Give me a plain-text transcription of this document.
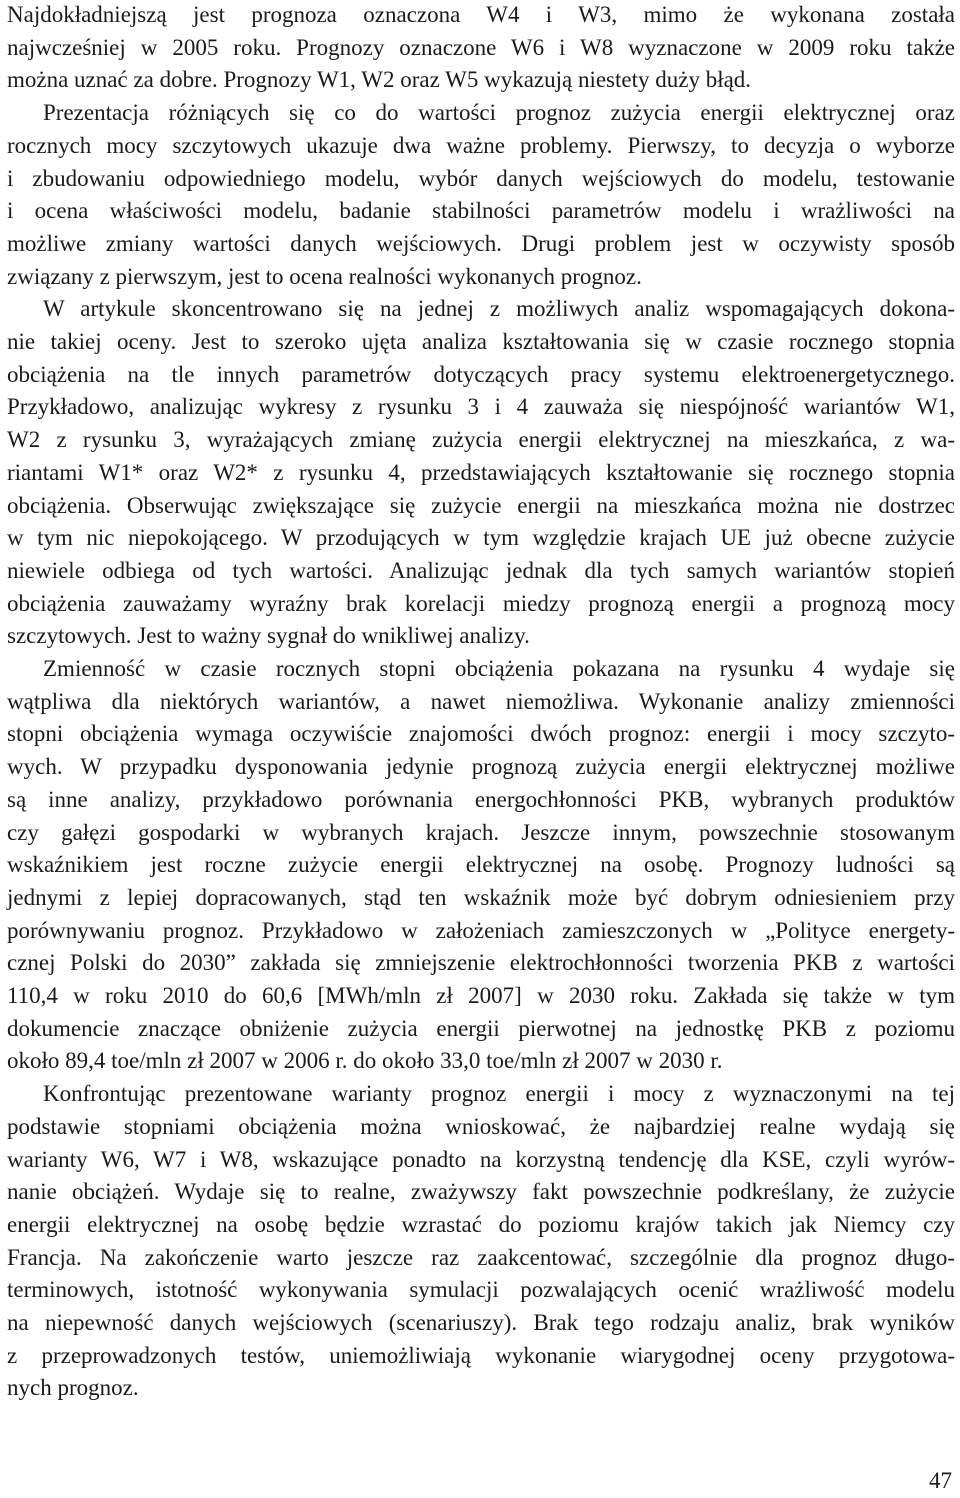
Najdokładniejszą jest prognoza oznaczona W4 i W3, mimo że wykonana została
najwcześniej w 2005 roku. Prognozy oznaczone W6 i W8 wyznaczone w 2009 roku także
można uznać za dobre. Prognozy W1, W2 oraz W5 wykazują niestety duży błąd.
Prezentacja różniących się co do wartości prognoz zużycia energii elektrycznej oraz
rocznych mocy szczytowych ukazuje dwa ważne problemy. Pierwszy, to decyzja o wyborze
i zbudowaniu odpowiedniego modelu, wybór danych wejściowych do modelu, testowanie
i ocena właściwości modelu, badanie stabilności parametrów modelu i wrażliwości na
możliwe zmiany wartości danych wejściowych. Drugi problem jest w oczywisty sposób
związany z pierwszym, jest to ocena realności wykonanych prognoz.
W artykule skoncentrowano się na jednej z możliwych analiz wspomagających dokona-
nie takiej oceny. Jest to szeroko ujęta analiza kształtowania się w czasie rocznego stopnia
obciążenia na tle innych parametrów dotyczących pracy systemu elektroenergetycznego.
Przykładowo, analizując wykresy z rysunku 3 i 4 zauważa się niespójność wariantów W1,
W2 z rysunku 3, wyrażających zmianę zużycia energii elektrycznej na mieszkańca, z wa-
riantami W1* oraz W2* z rysunku 4, przedstawiających kształtowanie się rocznego stopnia
obciążenia. Obserwując zwiększające się zużycie energii na mieszkańca można nie dostrzec
w tym nic niepokojącego. W przodujących w tym względzie krajach UE już obecne zużycie
niewiele odbiega od tych wartości. Analizując jednak dla tych samych wariantów stopień
obciążenia zauważamy wyraźny brak korelacji miedzy prognozą energii a prognozą mocy
szczytowych. Jest to ważny sygnał do wnikliwej analizy.
Zmienność w czasie rocznych stopni obciążenia pokazana na rysunku 4 wydaje się
wątpliwa dla niektórych wariantów, a nawet niemożliwa. Wykonanie analizy zmienności
stopni obciążenia wymaga oczywiście znajomości dwóch prognoz: energii i mocy szczyto-
wych. W przypadku dysponowania jedynie prognozą zużycia energii elektrycznej możliwe
są inne analizy, przykładowo porównania energochłonności PKB, wybranych produktów
czy gałęzi gospodarki w wybranych krajach. Jeszcze innym, powszechnie stosowanym
wskaźnikiem jest roczne zużycie energii elektrycznej na osobę. Prognozy ludności są
jednymi z lepiej dopracowanych, stąd ten wskaźnik może być dobrym odniesieniem przy
porównywaniu prognoz. Przykładowo w założeniach zamieszczonych w „Polityce energety-
cznej Polski do 2030” zakłada się zmniejszenie elektrochłonności tworzenia PKB z wartości
110,4 w roku 2010 do 60,6 [MWh/mln zł 2007] w 2030 roku. Zakłada się także w tym
dokumencie znaczące obniżenie zużycia energii pierwotnej na jednostkę PKB z poziomu
około 89,4 toe/mln zł 2007 w 2006 r. do około 33,0 toe/mln zł 2007 w 2030 r.
Konfrontując prezentowane warianty prognoz energii i mocy z wyznaczonymi na tej
podstawie stopniami obciążenia można wnioskować, że najbardziej realne wydają się
warianty W6, W7 i W8, wskazujące ponadto na korzystną tendencję dla KSE, czyli wyrów-
nanie obciążeń. Wydaje się to realne, zważywszy fakt powszechnie podkreślany, że zużycie
energii elektrycznej na osobę będzie wzrastać do poziomu krajów takich jak Niemcy czy
Francja. Na zakończenie warto jeszcze raz zaakcentować, szczególnie dla prognoz długo-
terminowych, istotność wykonywania symulacji pozwalających ocenić wrażliwość modelu
na niepewność danych wejściowych (scenariuszy). Brak tego rodzaju analiz, brak wyników
z przeprowadzonych testów, uniemożliwiają wykonanie wiarygodnej oceny przygotowa-
nych prognoz.
47
